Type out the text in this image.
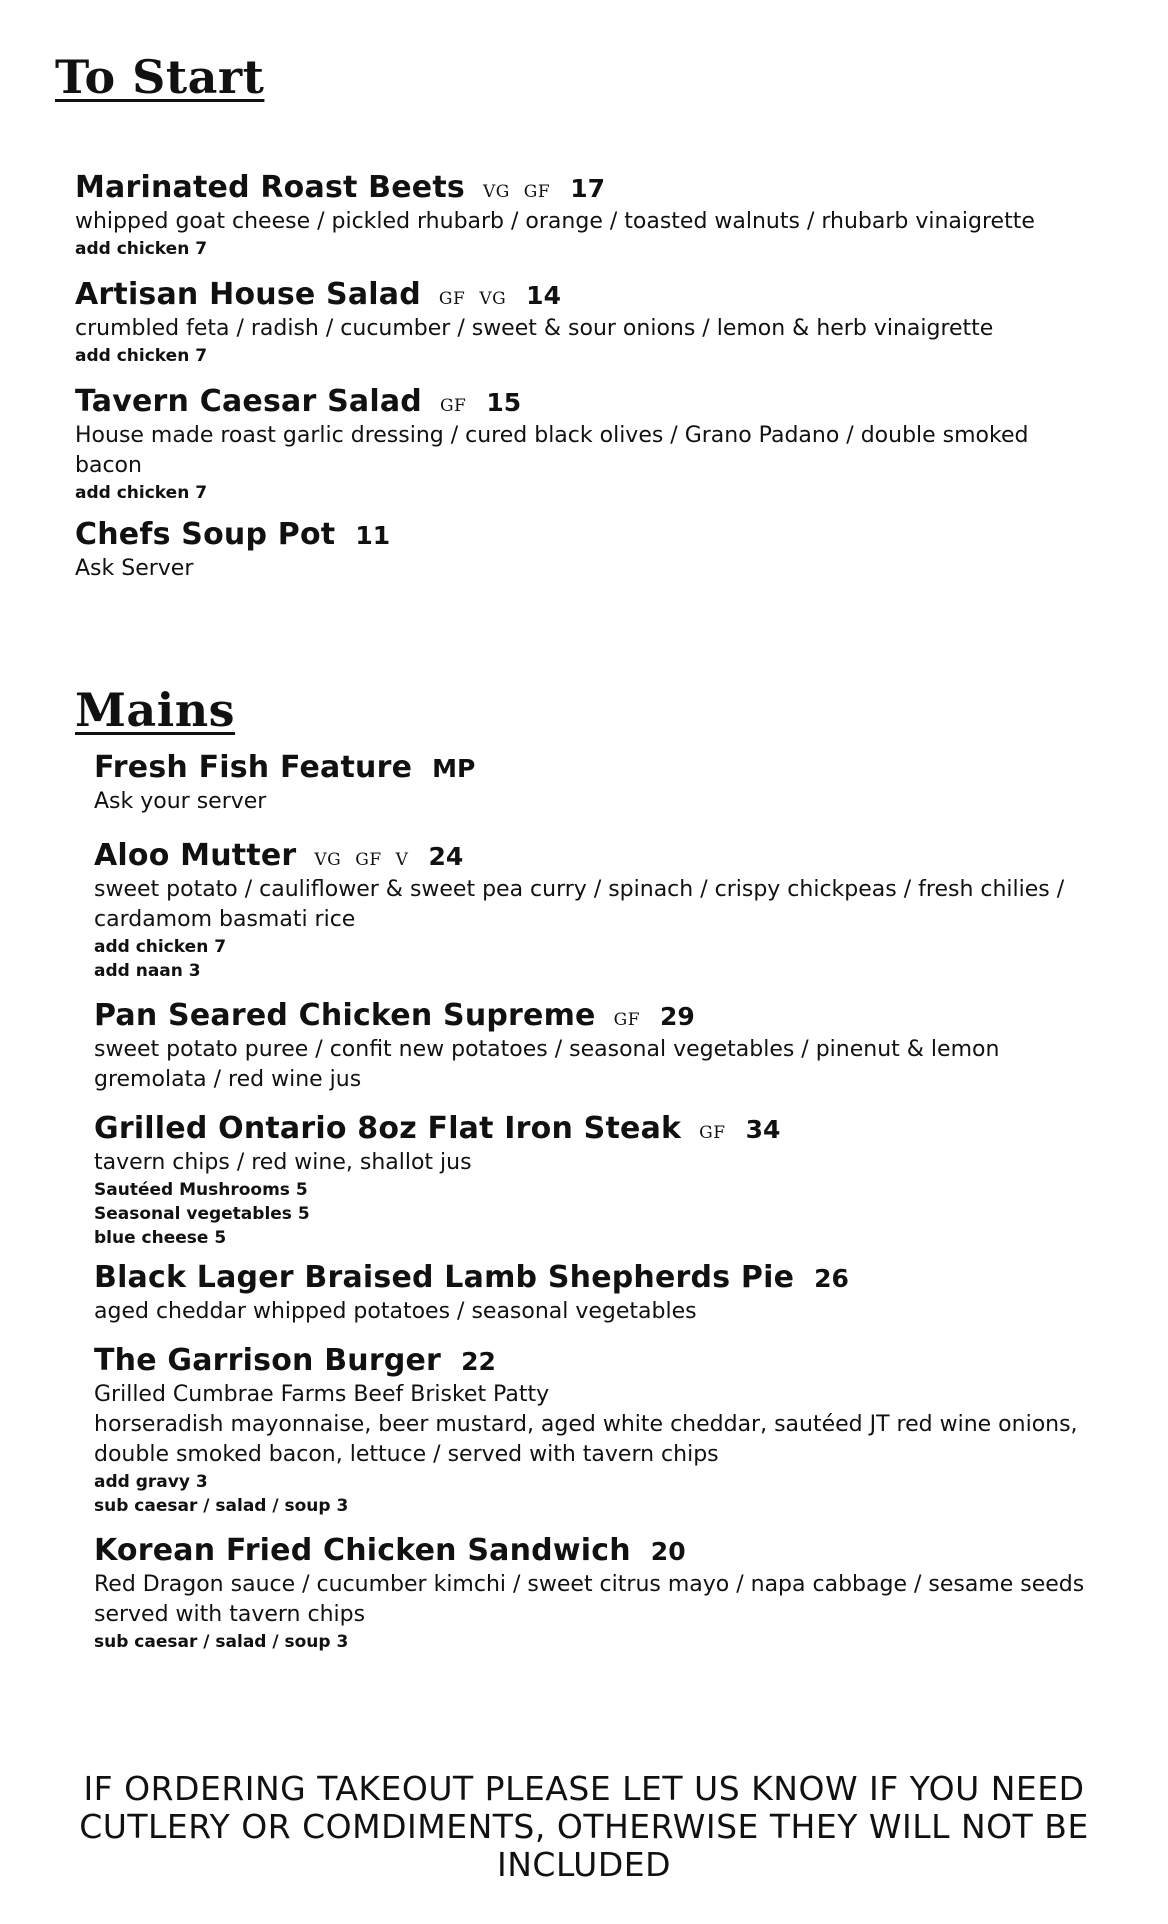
To Start
Marinated Roast Beets VG GF 17

whipped goat cheese / pickled rhubarb / orange / toasted walnuts / rhubarb vinaigrette

add chicken 7

Artisan House Salad GF VG 14

crumbled feta / radish / cucumber / sweet & sour onions / lemon & herb vinaigrette

add chicken 7

Tavern Caesar Salad GF 15

House made roast garlic dressing / cured black olives / Grano Padano / double smoked bacon

add chicken 7

Chefs Soup Pot 11

Ask Server

Mains
Fresh Fish Feature MP

Ask your server

Aloo Mutter VG GF V 24

sweet potato / cauliflower & sweet pea curry / spinach / crispy chickpeas / fresh chilies / cardamom basmati rice

add chicken 7

add naan 3

Pan Seared Chicken Supreme GF 29

sweet potato puree / confit new potatoes / seasonal vegetables / pinenut & lemon gremolata / red wine jus

Grilled Ontario 8oz Flat Iron Steak GF 34

tavern chips / red wine, shallot jus

Sautéed Mushrooms 5

Seasonal vegetables 5

blue cheese 5

Black Lager Braised Lamb Shepherds Pie 26

aged cheddar whipped potatoes / seasonal vegetables

The Garrison Burger 22

Grilled Cumbrae Farms Beef Brisket Patty

horseradish mayonnaise, beer mustard, aged white cheddar, sautéed JT red wine onions, double smoked bacon, lettuce / served with tavern chips

add gravy 3

sub caesar / salad / soup 3

Korean Fried Chicken Sandwich 20

Red Dragon sauce / cucumber kimchi / sweet citrus mayo / napa cabbage / sesame seeds

served with tavern chips

sub caesar / salad / soup 3

IF ORDERING TAKEOUT PLEASE LET US KNOW IF YOU NEED CUTLERY OR COMDIMENTS, OTHERWISE THEY WILL NOT BE INCLUDED
